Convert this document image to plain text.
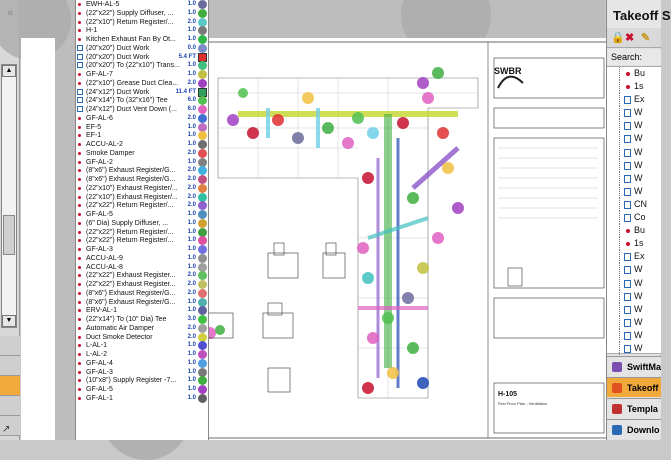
▲
▼
↗
SWBR
H-105
First Floor Plan - Ventilation
EWH-AL-5	1.0
(22"x22") Supply Diffuser, ...	1.0
(22"x10") Return Register/...	2.0
H-1	1.0
Kitchen Exhaust Fan By Ot...	1.0
(20"x20") Duct Work	0.0
(20"x20") Duct Work	5.4 FT
(20"x20") To (22"x10") Trans...	1.0
GF-AL-7	1.0
(22"x10") Grease Duct Clea...	2.0
(24"x12") Duct Work	11.4 FT
(24"x14") To (32"x16") Tee	6.0
(24"x12") Duct Vent Down (...	6.0
GF-AL-6	2.0
EF-5	1.0
EF-1	1.0
ACCU-AL-2	1.0
Smoke Damper	2.0
GF-AL-2	1.0
(8"x6") Exhaust Register/G...	2.0
(8"x6") Exhaust Register/G...	2.0
(22"x10") Exhaust Register/...	2.0
(22"x10") Exhaust Register/...	2.0
(22"x22") Return Register/...	2.0
GF-AL-5	1.0
(6" Dia) Supply Diffuser, ...	1.0
(22"x22") Return Register/...	1.0
(22"x22") Return Register/...	1.0
GF-AL-3	1.0
ACCU-AL-9	1.0
ACCU-AL-8	1.0
(22"x22") Exhaust Register...	2.0
(22"x22") Exhaust Register...	2.0
(8"x6") Exhaust Register/G...	2.0
(8"x6") Exhaust Register/G...	1.0
ERV-AL-1	1.0
(22"x14") To (10" Dia) Tee	3.0
Automatic Air Damper	2.0
Duct Smoke Detector	2.0
L-AL-1	1.0
L-AL-2	1.0
GF-AL-4	1.0
GF-AL-3	1.0
(10"x8") Supply Register -7...	1.0
GF-AL-5	1.0
GF-AL-1	1.0
Takeoff S
🔒 ✖ ✎
Search:
Bu
1s
Ex
W
W
W
W
W
W
W
CN
Co
Bu
1s
Ex
W
W
W
W
W
W
W
SwiftMa
Takeoff
Templa
Downlo
